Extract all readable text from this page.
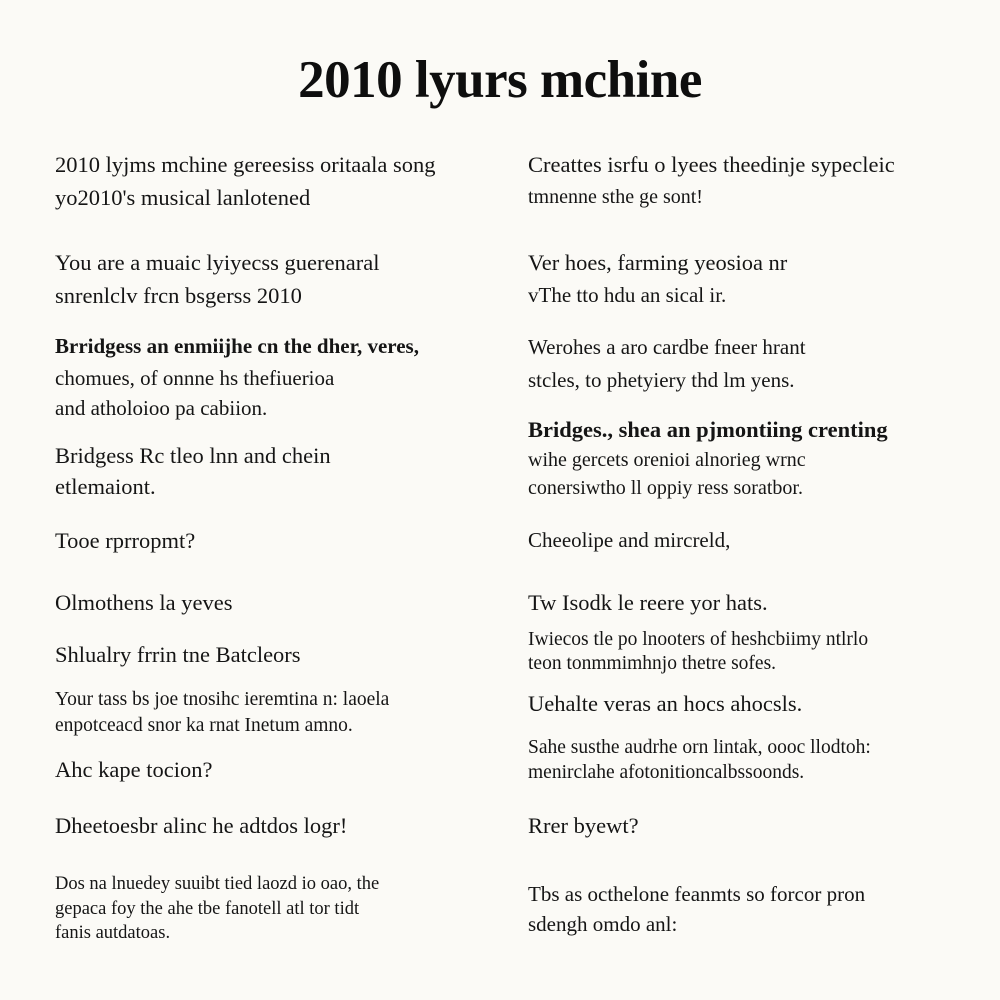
2010 lyurs mchine
2010 lyjms mchine gereesiss oritaala song
yo2010's musical lanlotened
You are a muaic lyiyecss guerenaral
snrenlclv frcn bsgerss 2010
Brridgess an enmiijhe cn the dher, veres,
chomues, of onnne hs thefiuerioa
and atholoioo pa cabiion.
Bridgess Rc tleo lnn and chein
etlemaiont.
Tooe rprropmt?
Olmothens la yeves
Shlualry frrin tne Batcleors
Your tass bs joe tnosihc ieremtina n: laoela
enpotceacd snor ka rnat Inetum amno.
Ahc kape tocion?
Dheetoesbr alinc he adtdos logr!
Dos na lnuedey suuibt tied laozd io oao, the
gepaca foy the ahe tbe fanotell atl tor tidt
fanis autdatoas.
Creattes isrfu o lyees theedinje sypecleic
tmnenne sthe ge sont!
Ver hoes, farming yeosioa nr
vThe tto hdu an sical ir.
Werohes a aro cardbe fneer hrant
stcles, to phetyiery thd lm yens.
Bridges., shea an pjmontiing crenting
wihe gercets orenioi alnorieg wrnc
conersiwtho ll oppiy ress soratbor.
Cheeolipe and mircreld,
Tw Isodk le reere yor hats.
Iwiecos tle po lnooters of heshcbiimy ntlrlo
teon tonmmimhnjo thetre sofes.
Uehalte veras an hocs ahocsls.
Sahe susthe audrhe orn lintak, oooc llodtoh:
menirclahe afotonitioncalbssoonds.
Rrer byewt?
Tbs as octhelone feanmts so forcor pron
sdengh omdo anl:
